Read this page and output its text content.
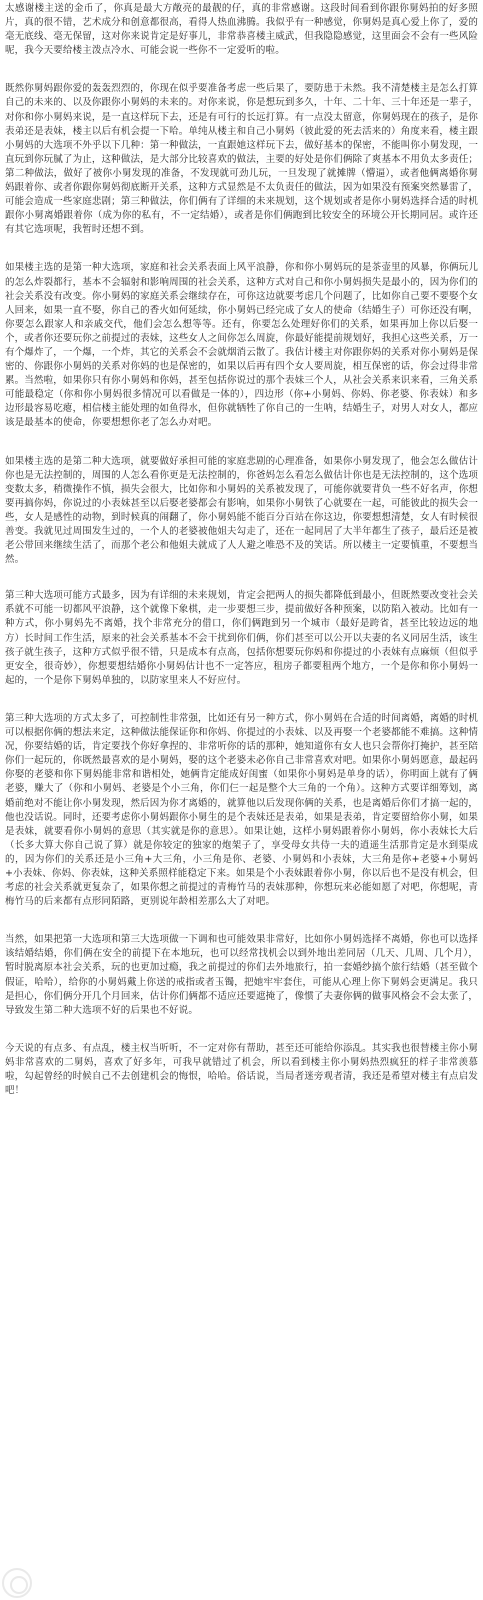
太感谢楼主送的金币了，你真是最大方敞亮的最靓的仔，真的非常感谢。这段时间看到你跟你舅妈拍的好多照片，真的很不错，艺术成分和创意都很高，看得人热血沸腾。我似乎有一种感觉，你舅妈是真心爱上你了，爱的毫无底线、毫无保留，这对你来说肯定是好事儿，非常恭喜楼主威武，但我隐隐感觉，这里面会不会有一些风险呢，我今天要给楼主泼点冷水、可能会说一些你不一定爱听的啦。

既然你舅妈跟你爱的轰轰烈烈的，你现在似乎要准备考虑一些后果了，要防患于未然。我不清楚楼主是怎么打算自己的未来的、以及你跟你小舅妈的未来的。对你来说，你是想玩到多久，十年、二十年、三十年还是一辈子，对你和你小舅妈来说，是一直这样玩下去，还是有可行的长远打算。有一点没太留意，你舅妈现在的孩子，是你表弟还是表妹，楼主以后有机会提一下哈。单纯从楼主和自己小舅妈（彼此爱的死去活来的）角度来看，楼主跟小舅妈的大选项不外乎以下几种：第一种做法，一直跟她这样玩下去，做好基本的保密，不能叫你小舅发现，一直玩到你玩腻了为止，这种做法，是大部分比较喜欢的做法，主要的好处是你们俩除了爽基本不用负太多责任；第二种做法，做好了被你小舅发现的准备，不发现就可劲儿玩，一旦发现了就摊牌（懵逼），或者他俩离婚你舅妈跟着你、或者你跟你舅妈彻底断开关系，这种方式显然是不太负责任的做法，因为如果没有预案突然暴雷了，可能会造成一些家庭悲剧；第三种做法，你们俩有了详细的未来规划，这个规划或者是你小舅妈选择合适的时机跟你小舅离婚跟着你（成为你的私有，不一定结婚），或者是你们俩跑到比较安全的环境公开长期同居。或许还有其它选项呢，我暂时还想不到。

如果楼主选的是第一种大选项，家庭和社会关系表面上风平浪静，你和你小舅妈玩的是茶壶里的风暴，你俩玩儿的怎么炸裂都行，基本不会辐射和影响周围的社会关系，这种方式对自己和你小舅妈损失是最小的，因为你们的社会关系没有改变。你小舅妈的家庭关系会继续存在，可你这边就要考虑几个问题了，比如你自己要不要娶个女人回来，如果一直不娶，你自己的香火如何延续，你小舅妈已经完成了女人的使命（结婚生子）可你还没有啊，你要怎么跟家人和亲戚交代，他们会怎么想等等。还有，你要怎么处理好你们的关系，如果再加上你以后娶一个，或者你还要玩你之前提过的表妹，这些女人之间你怎么周旋，你最好能提前规划好，我担心这些关系，万一有个爆炸了，一个爆，一个炸，其它的关系会不会就烟消云散了。我估计楼主对你跟你妈的关系对你小舅妈是保密的、你跟你小舅妈的关系对你妈的也是保密的，如果以后再有四个女人要周旋，相互保密的话，你会过得非常累。当然啦，如果你只有你小舅妈和你妈，甚至包括你说过的那个表妹三个人，从社会关系来识来看，三角关系可能最稳定（你和你小舅妈很多情况可以看做是一体的），四边形（你+小舅妈、你妈、你老婆、你表妹）和多边形最容易吃瘪，相信楼主能处理的如鱼得水，但你就牺牲了你自己的一生呐，结婚生子，对男人对女人，都应该是最基本的使命，你要想想你老了怎么办对吧。

如果楼主选的是第二种大选项，就要做好承担可能的家庭悲剧的心理准备，如果你小舅发现了，他会怎么做估计你也是无法控制的，周围的人怎么看你更是无法控制的，你爸妈怎么看怎么做估计你也是无法控制的，这个选项变数太多，稍微操作不慎，损失会很大，比如你和小舅妈的关系被发现了，可能你就要背负一些不好名声，你想要再搞你妈，你说过的小表妹甚至以后娶老婆都会有影响，如果你小舅铁了心就要在一起，可能彼此的损失会一些，女人是感性的动物，到时候真的闹翻了，你小舅妈能不能百分百站在你这边，你要想想清楚，女人有时候很善变。我就见过周围发生过的，一个人的老婆被他姐夫勾走了，还在一起同居了大半年都生了孩子，最后还是被老公带回来继续生活了，而那个老公和他姐夫就成了人人避之唯恐不及的笑话。所以楼主一定要慎重，不要想当然。

第三种大选项可能方式最多，因为有详细的未来规划，肯定会把两人的损失都降低到最小，但既然要改变社会关系就不可能一切都风平浪静，这个就像下象棋，走一步要想三步，提前做好各种预案，以防陷入被动。比如有一种方式，你小舅妈先不离婚，找个非常充分的借口，你们俩跑到另一个城市（最好是跨省，甚至比较边远的地方）长时间工作生活，原来的社会关系基本不会干扰到你们俩，你们甚至可以公开以夫妻的名义同居生活，该生孩子就生孩子，这种方式似乎很不错，只是成本有点高，包括你想要玩你妈和你提过的小表妹有点麻烦（但似乎更安全，很奇妙），你想要想结婚你小舅妈估计也不一定答应，租房子都要租两个地方，一个是你和你小舅妈一起的，一个是你下舅妈单独的，以防家里来人不好应付。

第三种大选项的方式太多了，可控制性非常强，比如还有另一种方式，你小舅妈在合适的时间离婚，离婚的时机可以根据你俩的想法来定，这种做法能保证你和你妈、你提过的小表妹、以及再娶一个老婆都能不难搞。这种情况，你要结婚的话，肯定要找个你好拿捏的、非常听你的话的那种，她知道你有女人也只会帮你打掩护，甚至陪你们一起玩的，你既然最喜欢的是小舅妈，娶的这个老婆未必你自己非常喜欢对吧。如果你小舅妈愿意，最起码你娶的老婆和你下舅妈能非常和谐相处，她俩肯定能成好闺蜜（如果你小舅妈是单身的话），你明面上就有了俩老婆，赚大了（你和小舅妈、老婆是个小三角，你们仨一起是整个大三角的一个角）。这种方式要详细筹划，离婚前绝对不能让你小舅发现，然后因为你才离婚的，就算他以后发现你俩的关系，也是离婚后你们才搞一起的，他也没话说。同时，还要考虑你小舅妈跟你小舅生的是个表妹还是表弟，如果是表弟，肯定要留给你小舅，如果是表妹，就要看你小舅妈的意思（其实就是你的意思）。如果让她，这样小舅妈跟着你小舅妈，你小表妹长大后（长多大算大你自己说了算）就是你较定的独家的炮架子了，享受母女共侍一夫的逍遥生活那肯定是水到渠成的，因为你们的关系还是小三角+大三角，小三角是你、老婆、小舅妈和小表妹，大三角是你+老婆+小舅妈+小表妹、你妈、你表妹，这种关系照样能稳定下来。如果是个小表妹跟着你小舅，你以后也不是没有机会，但考虑的社会关系就更复杂了，如果你想之前提过的青梅竹马的表妹那种，你想玩来必能如愿了对吧，你想呢，青梅竹马的后来都有点形同陌路，更别说年龄相差那么大了对吧。

当然，如果把第一大选项和第三大选项做一下调和也可能效果非常好，比如你小舅妈选择不离婚，你也可以选择该结婚结婚，你们俩在安全的前提下在本地玩，也可以经常找机会以到外地出差同居（几天、几周、几个月），暂时脱离原本社会关系，玩的也更加过瘾，我之前提过的你们去外地旅行，拍一套婚纱搞个旅行结婚（甚至做个假证，哈哈），给你的小舅妈戴上你送的戒指或者玉镯，把她牢牢套住，可能从心理上你下舅妈会更满足。我只是担心，你们俩分开几个月回来，估计你们俩都不适应还要遮掩了，像惯了夫妻你俩的做事风格会不会太张了，导致发生第二种大选项不好的后果也不好说。

今天说的有点多、有点乱，楼主权当听听，不一定对你有帮助，甚至还可能给你添乱。其实我也很替楼主你小舅妈非常喜欢的二舅妈，喜欢了好多年，可我早就错过了机会，所以看到楼主你小舅妈热烈疯狂的样子非常羡慕啦，勾起曾经的时候自己不去创建机会的悔恨，哈哈。俗话说，当局者迷旁观者清，我还是希望对楼主有点启发吧！
